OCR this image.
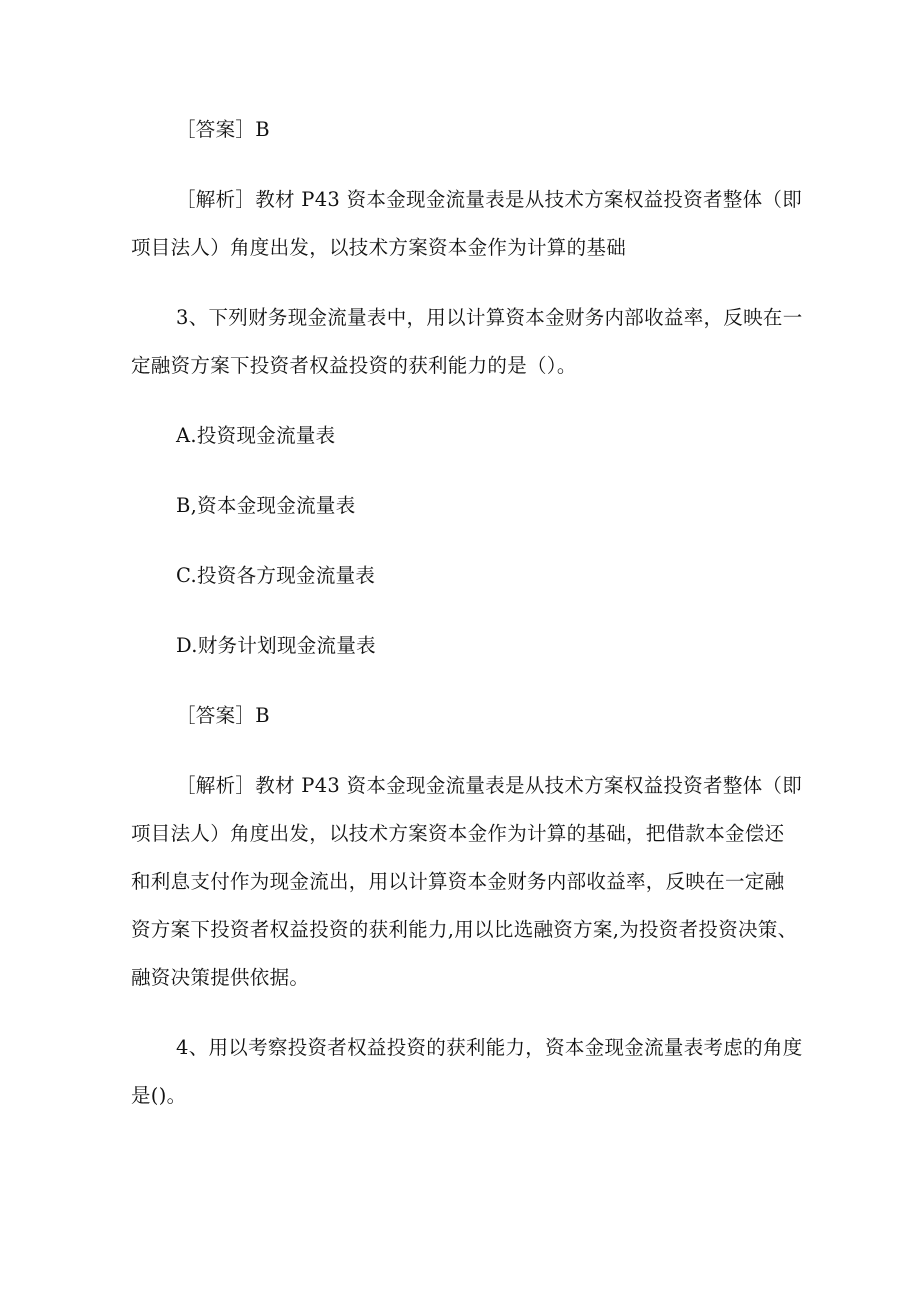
［答案］B
［解析］教材 P43 资本金现金流量表是从技术方案权益投资者整体（即
项目法人）角度出发，以技术方案资本金作为计算的基础
3、下列财务现金流量表中，用以计算资本金财务内部收益率，反映在一
定融资方案下投资者权益投资的获利能力的是（）。
A.投资现金流量表
B,资本金现金流量表
C.投资各方现金流量表
D.财务计划现金流量表
［答案］B
［解析］教材 P43 资本金现金流量表是从技术方案权益投资者整体（即
项目法人）角度出发，以技术方案资本金作为计算的基础，把借款本金偿还
和利息支付作为现金流出，用以计算资本金财务内部收益率，反映在一定融
资方案下投资者权益投资的获利能力,用以比选融资方案,为投资者投资决策、
融资决策提供依据。
4、用以考察投资者权益投资的获利能力，资本金现金流量表考虑的角度
是()。
